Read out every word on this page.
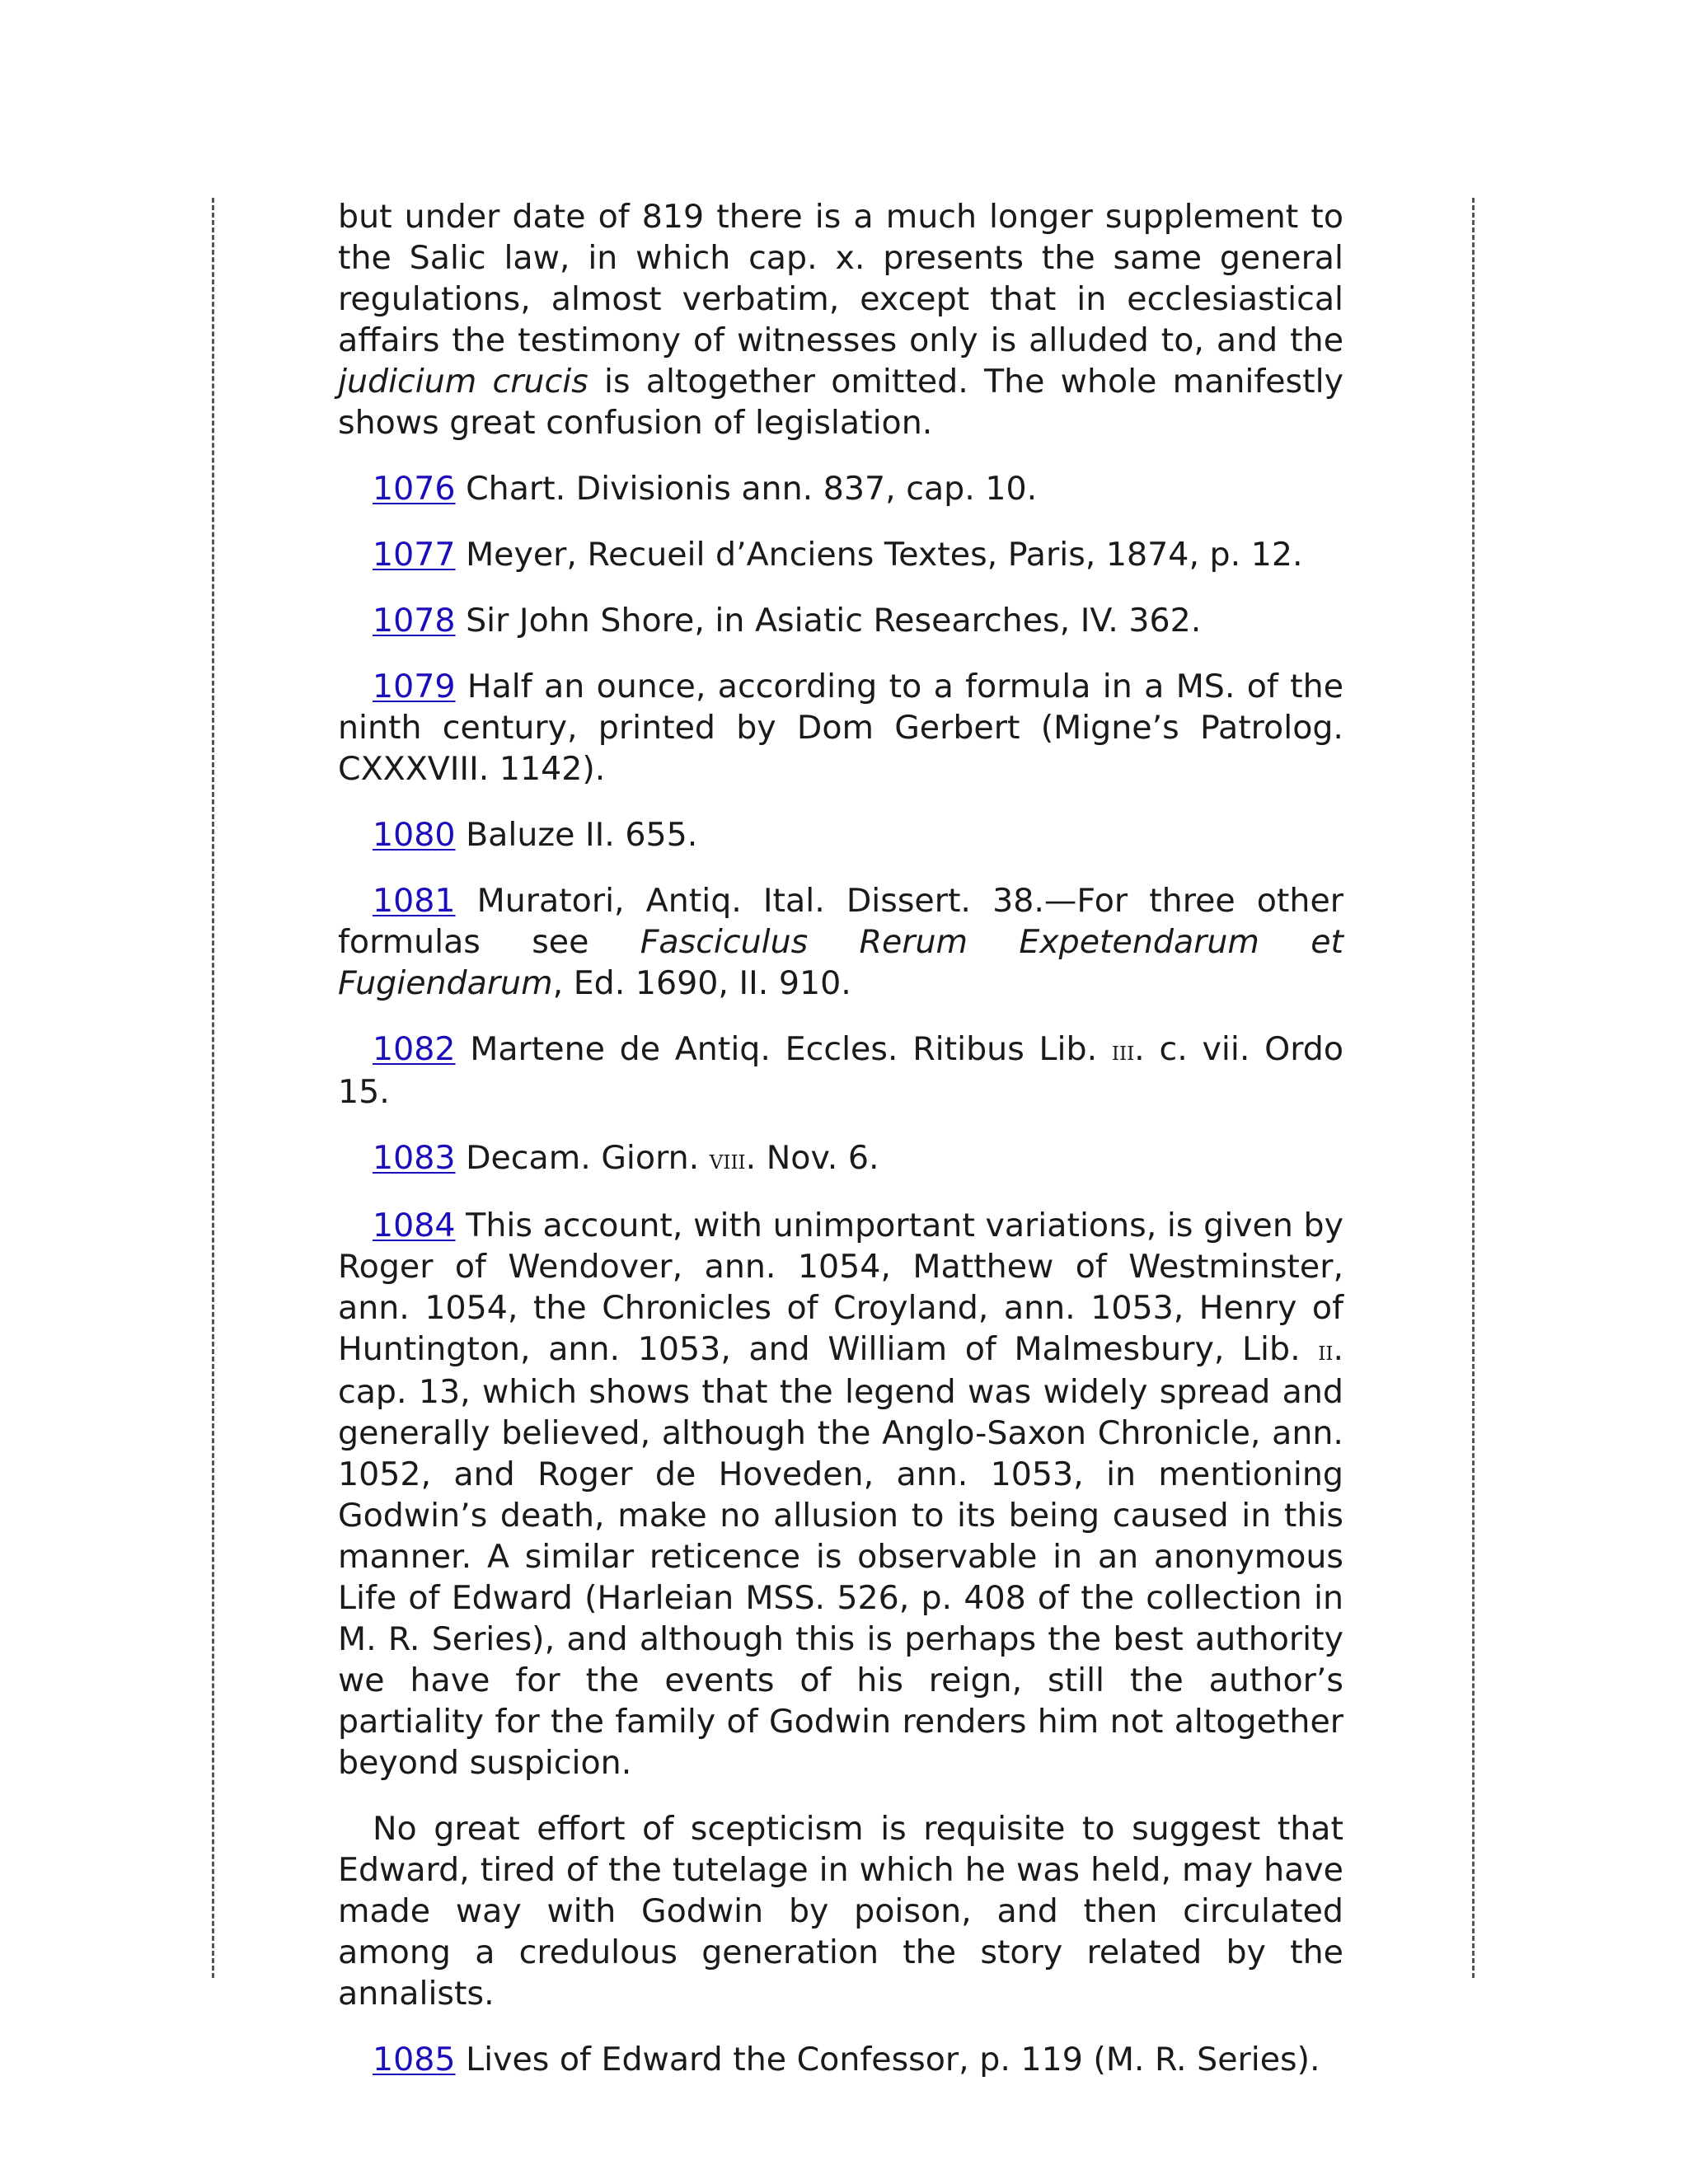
but under date of 819 there is a much longer supplement to the Salic law, in which cap. x. presents the same general regulations, almost verbatim, except that in ecclesiastical affairs the testimony of witnesses only is alluded to, and the judicium crucis is altogether omitted. The whole manifestly shows great confusion of legislation.

1076 Chart. Divisionis ann. 837, cap. 10.

1077 Meyer, Recueil d’Anciens Textes, Paris, 1874, p. 12.

1078 Sir John Shore, in Asiatic Researches, IV. 362.

1079 Half an ounce, according to a formula in a MS. of the ninth century, printed by Dom Gerbert (Migne’s Patrolog. CXXXVIII. 1142).

1080 Baluze II. 655.

1081 Muratori, Antiq. Ital. Dissert. 38.—For three other formulas see Fasciculus Rerum Expetendarum et Fugiendarum, Ed. 1690, II. 910.

1082 Martene de Antiq. Eccles. Ritibus Lib. iii. c. vii. Ordo 15.

1083 Decam. Giorn. viii. Nov. 6.

1084 This account, with unimportant variations, is given by Roger of Wendover, ann. 1054, Matthew of Westminster, ann. 1054, the Chronicles of Croyland, ann. 1053, Henry of Huntington, ann. 1053, and William of Malmesbury, Lib. ii. cap. 13, which shows that the legend was widely spread and generally believed, although the Anglo-Saxon Chronicle, ann. 1052, and Roger de Hoveden, ann. 1053, in mentioning Godwin’s death, make no allusion to its being caused in this manner. A similar reticence is observable in an anonymous Life of Edward (Harleian MSS. 526, p. 408 of the collection in M. R. Series), and although this is perhaps the best authority we have for the events of his reign, still the author’s partiality for the family of Godwin renders him not altogether beyond suspicion.

No great effort of scepticism is requisite to suggest that Edward, tired of the tutelage in which he was held, may have made way with Godwin by poison, and then circulated among a credulous generation the story related by the annalists.

1085 Lives of Edward the Confessor, p. 119 (M. R. Series).
